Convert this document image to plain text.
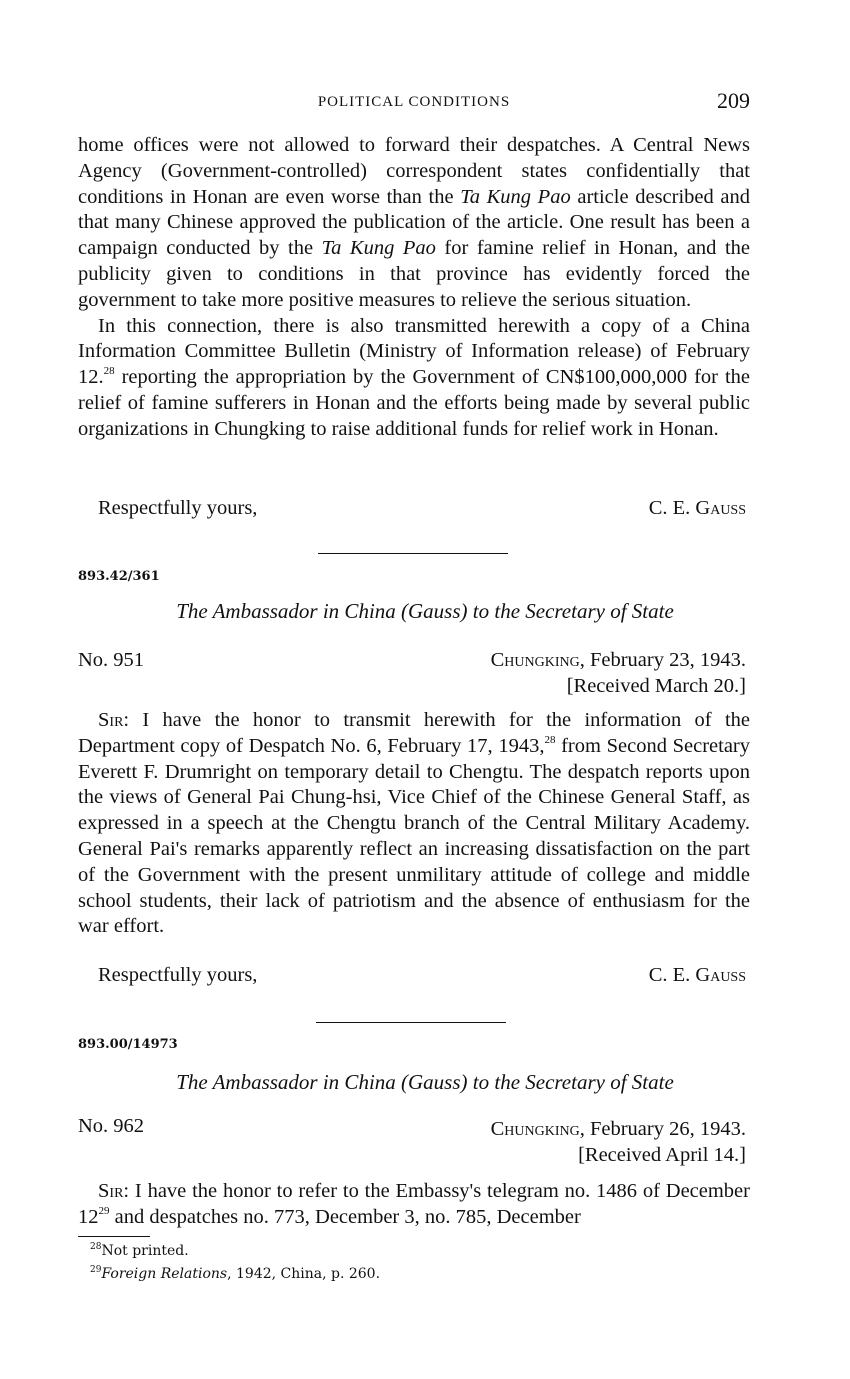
POLITICAL CONDITIONS	209

home offices were not allowed to forward their despatches. A Central News Agency (Government-controlled) correspondent states confidentially that conditions in Honan are even worse than the Ta Kung Pao article described and that many Chinese approved the publication of the article. One result has been a campaign conducted by the Ta Kung Pao for famine relief in Honan, and the publicity given to conditions in that province has evidently forced the government to take more positive measures to relieve the serious situation.

In this connection, there is also transmitted herewith a copy of a China Information Committee Bulletin (Ministry of Information release) of February 12.28 reporting the appropriation by the Government of CN$100,000,000 for the relief of famine sufferers in Honan and the efforts being made by several public organizations in Chungking to raise additional funds for relief work in Honan.

Respectfully yours,	C. E. Gauss
893.42/361
The Ambassador in China (Gauss) to the Secretary of State
No. 951	Chungking, February 23, 1943.
[Received March 20.]

Sir: I have the honor to transmit herewith for the information of the Department copy of Despatch No. 6, February 17, 1943,28 from Second Secretary Everett F. Drumright on temporary detail to Chengtu. The despatch reports upon the views of General Pai Chung-hsi, Vice Chief of the Chinese General Staff, as expressed in a speech at the Chengtu branch of the Central Military Academy. General Pai's remarks apparently reflect an increasing dissatisfaction on the part of the Government with the present unmilitary attitude of college and middle school students, their lack of patriotism and the absence of enthusiasm for the war effort.

Respectfully yours,	C. E. Gauss
893.00/14973
The Ambassador in China (Gauss) to the Secretary of State
No. 962	Chungking, February 26, 1943.
[Received April 14.]

Sir: I have the honor to refer to the Embassy's telegram no. 1486 of December $12^{29}$ and despatches no. 773, December 3, no. 785, December

$^{28}$Not printed.
$^{29}$Foreign Relations, 1942, China, p. 260.
